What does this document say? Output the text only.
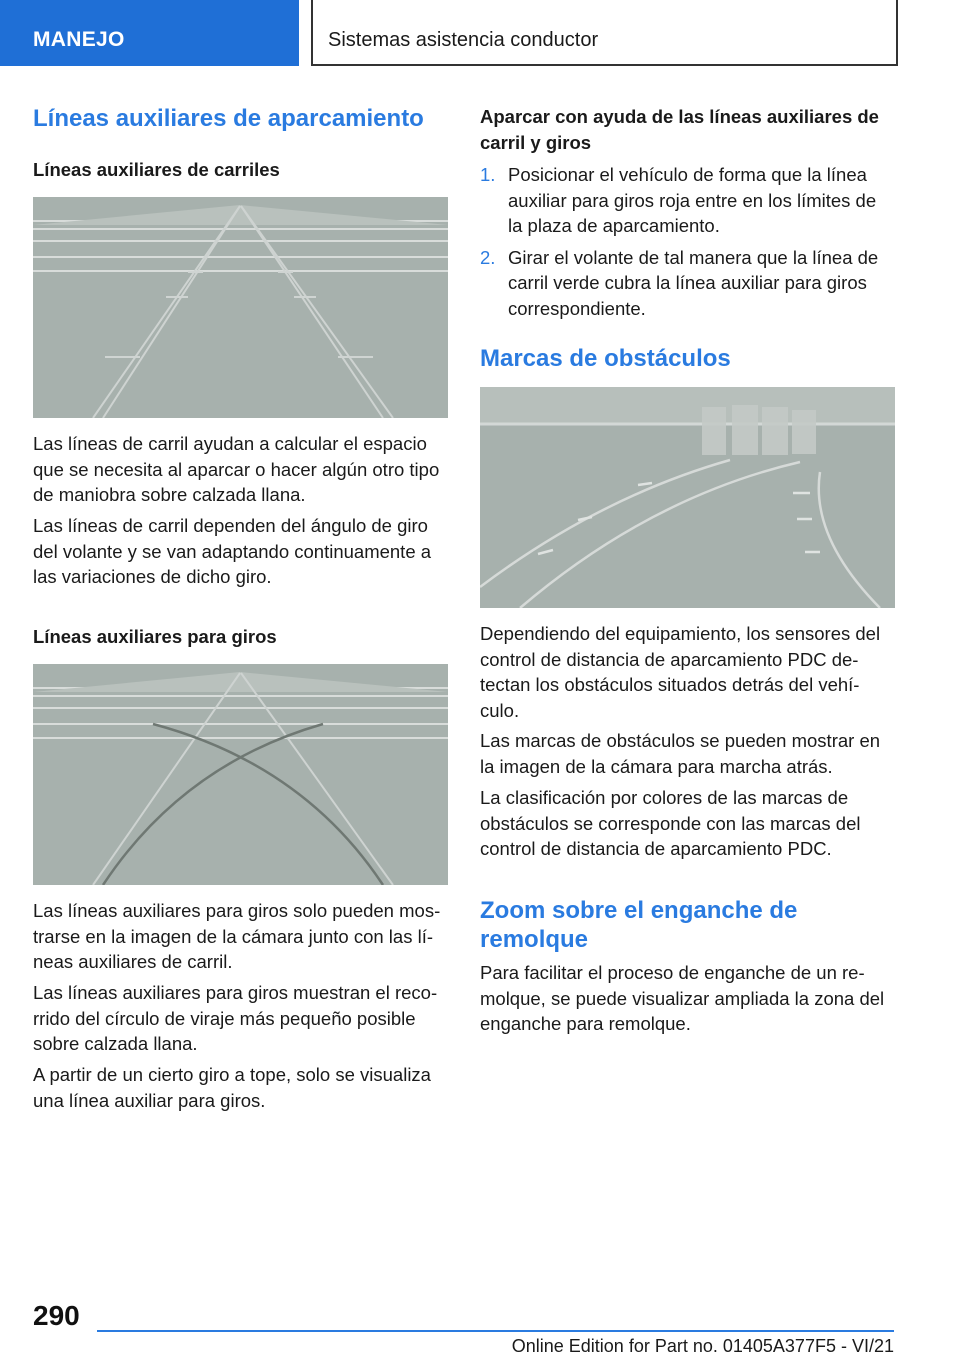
MANEJO	Sistemas asistencia conductor
Líneas auxiliares de aparcamiento
Líneas auxiliares de carriles

Las líneas de carril ayudan a calcular el espacio que se necesita al aparcar o hacer algún otro tipo de maniobra sobre calzada llana.

Las líneas de carril dependen del ángulo de giro del volante y se van adaptando continuamente a las variaciones de dicho giro.

Líneas auxiliares para giros

Las líneas auxiliares para giros solo pueden mos-trarse en la imagen de la cámara junto con las lí-neas auxiliares de carril.

Las líneas auxiliares para giros muestran el reco-rrido del círculo de viraje más pequeño posible sobre calzada llana.

A partir de un cierto giro a tope, solo se visualiza una línea auxiliar para giros.

Aparcar con ayuda de las líneas auxiliares de carril y giros
1. Posicionar el vehículo de forma que la línea auxiliar para giros roja entre en los límites de la plaza de aparcamiento.
2. Girar el volante de tal manera que la línea de carril verde cubra la línea auxiliar para giros correspondiente.
Marcas de obstáculos

Dependiendo del equipamiento, los sensores del control de distancia de aparcamiento PDC de-tectan los obstáculos situados detrás del vehí-culo.

Las marcas de obstáculos se pueden mostrar en la imagen de la cámara para marcha atrás.

La clasificación por colores de las marcas de obstáculos se corresponde con las marcas del control de distancia de aparcamiento PDC.

Zoom sobre el enganche de remolque

Para facilitar el proceso de enganche de un re-molque, se puede visualizar ampliada la zona del enganche para remolque.

290
Online Edition for Part no. 01405A377F5 - VI/21
